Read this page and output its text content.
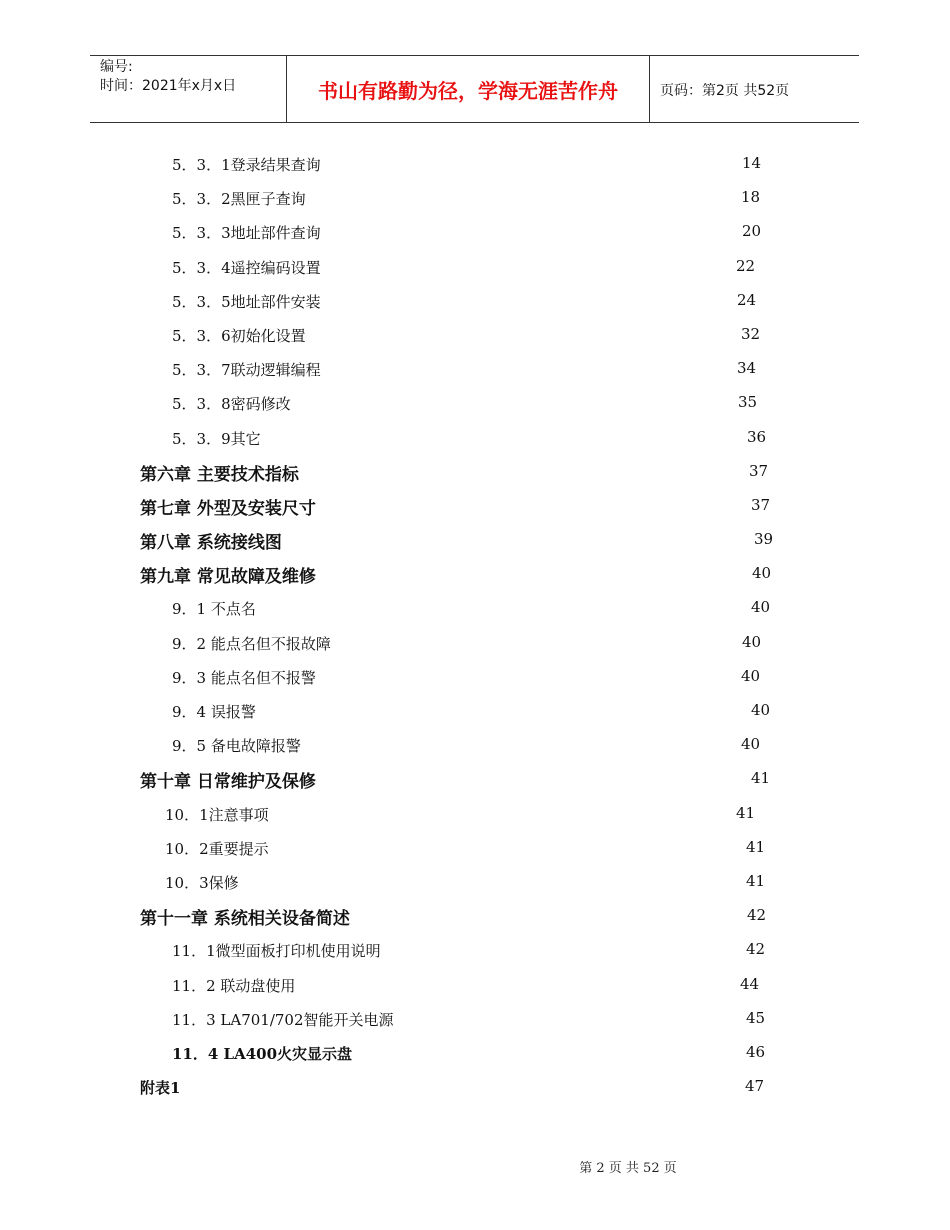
编号:
时间：2021年x月x日	书山有路勤为径，学海无涯苦作舟	页码：第2页 共52页
5．3．1登录结果查询	14
5．3．2黑匣子查询	18
5．3．3地址部件查询	20
5．3．4遥控编码设置	22
5．3．5地址部件安装	24
5．3．6初始化设置	32
5．3．7联动逻辑编程	34
5．3．8密码修改	35
5．3．9其它	36
第六章 主要技术指标	37
第七章 外型及安装尺寸	37
第八章 系统接线图	39
第九章 常见故障及维修	40
9．1 不点名	40
9．2 能点名但不报故障	40
9．3 能点名但不报警	40
9．4 误报警	40
9．5 备电故障报警	40
第十章 日常维护及保修	41
10．1注意事项	41
10．2重要提示	41
10．3保修	41
第十一章 系统相关设备简述	42
11．1微型面板打印机使用说明	42
11．2 联动盘使用	44
11．3 LA701/702智能开关电源	45
11．4 LA400火灾显示盘	46
附表1	47
第 2 页 共 52 页
